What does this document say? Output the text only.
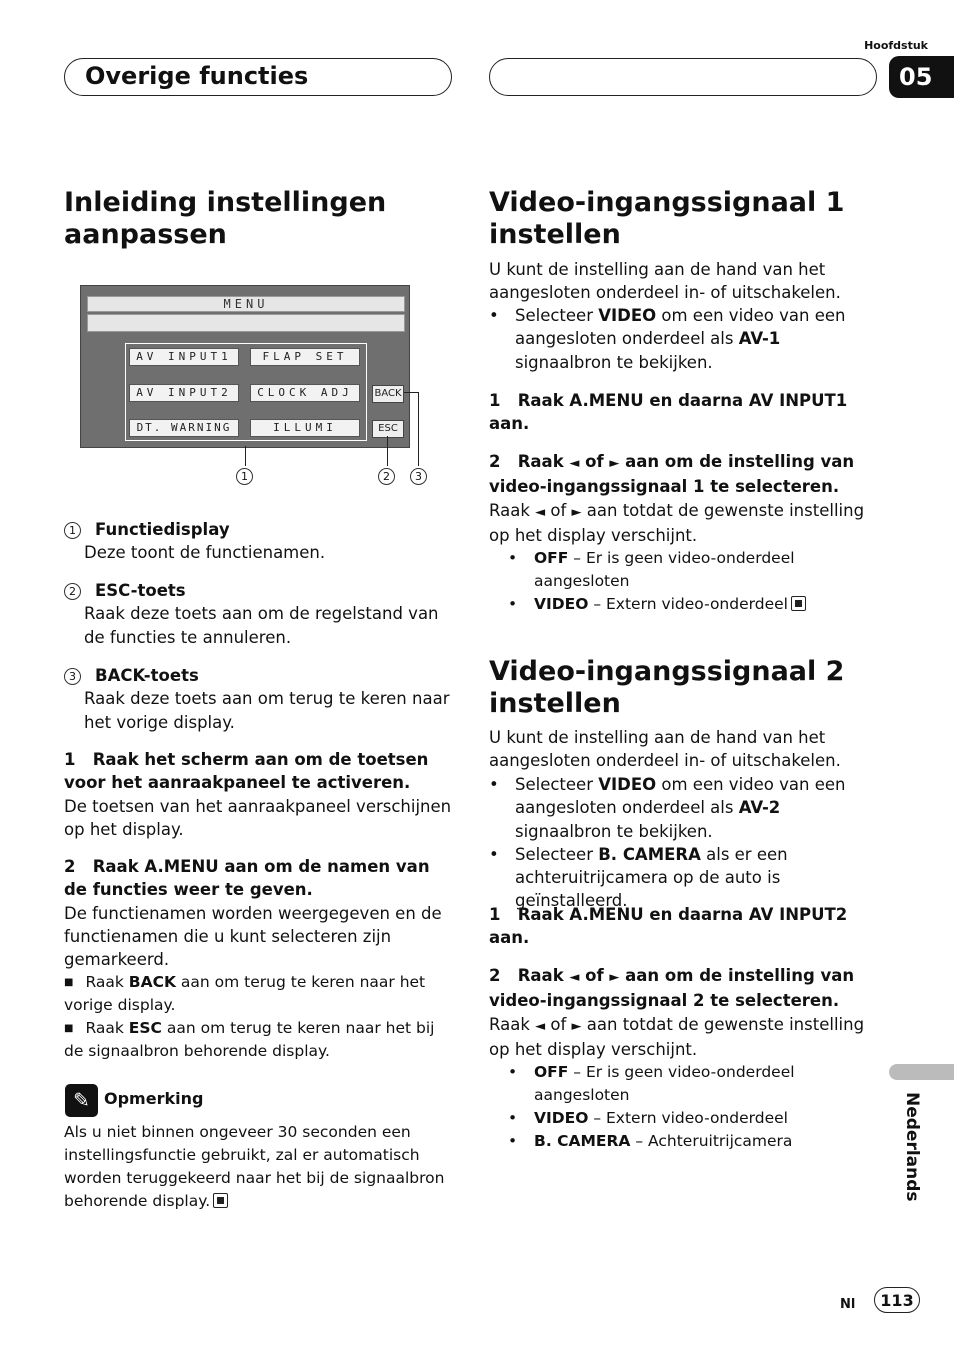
Hoofdstuk
Overige functies	05
Inleiding instellingen aanpassen
MENU
AV INPUT1	FLAP SET
AV INPUT2	CLOCK ADJ
DT. WARNING	ILLUMI
BACK
ESC
1	2	3
1 Functiedisplay
Deze toont de functienamen.
2 ESC-toets
Raak deze toets aan om de regelstand van de functies te annuleren.
3 BACK-toets
Raak deze toets aan om terug te keren naar het vorige display.
1   Raak het scherm aan om de toetsen voor het aanraakpaneel te activeren.
De toetsen van het aanraakpaneel verschijnen op het display.
2   Raak A.MENU aan om de namen van de functies weer te geven.
De functienamen worden weergegeven en de functienamen die u kunt selecteren zijn gemarkeerd.
■ Raak BACK aan om terug te keren naar het vorige display.
■ Raak ESC aan om terug te keren naar het bij de signaalbron behorende display.
✎ Opmerking
Als u niet binnen ongeveer 30 seconden een instellingsfunctie gebruikt, zal er automatisch worden teruggekeerd naar het bij de signaalbron behorende display.
Video-ingangssignaal 1 instellen
U kunt de instelling aan de hand van het aangesloten onderdeel in- of uitschakelen.
• Selecteer VIDEO om een video van een aangesloten onderdeel als AV-1 signaalbron te bekijken.
1   Raak A.MENU en daarna AV INPUT1 aan.
2   Raak ◄ of ► aan om de instelling van video-ingangssignaal 1 te selecteren.
Raak ◄ of ► aan totdat de gewenste instelling op het display verschijnt.
•	OFF – Er is geen video-onderdeel aangesloten
•	VIDEO – Extern video-onderdeel
Video-ingangssignaal 2 instellen
U kunt de instelling aan de hand van het aangesloten onderdeel in- of uitschakelen.
• Selecteer VIDEO om een video van een aangesloten onderdeel als AV-2 signaalbron te bekijken.
• Selecteer B. CAMERA als er een achteruitrijcamera op de auto is geïnstalleerd.
1   Raak A.MENU en daarna AV INPUT2 aan.
2   Raak ◄ of ► aan om de instelling van video-ingangssignaal 2 te selecteren.
Raak ◄ of ► aan totdat de gewenste instelling op het display verschijnt.
•	OFF – Er is geen video-onderdeel aangesloten
•	VIDEO – Extern video-onderdeel
•	B. CAMERA – Achteruitrijcamera	Nederlands
Nl	113
